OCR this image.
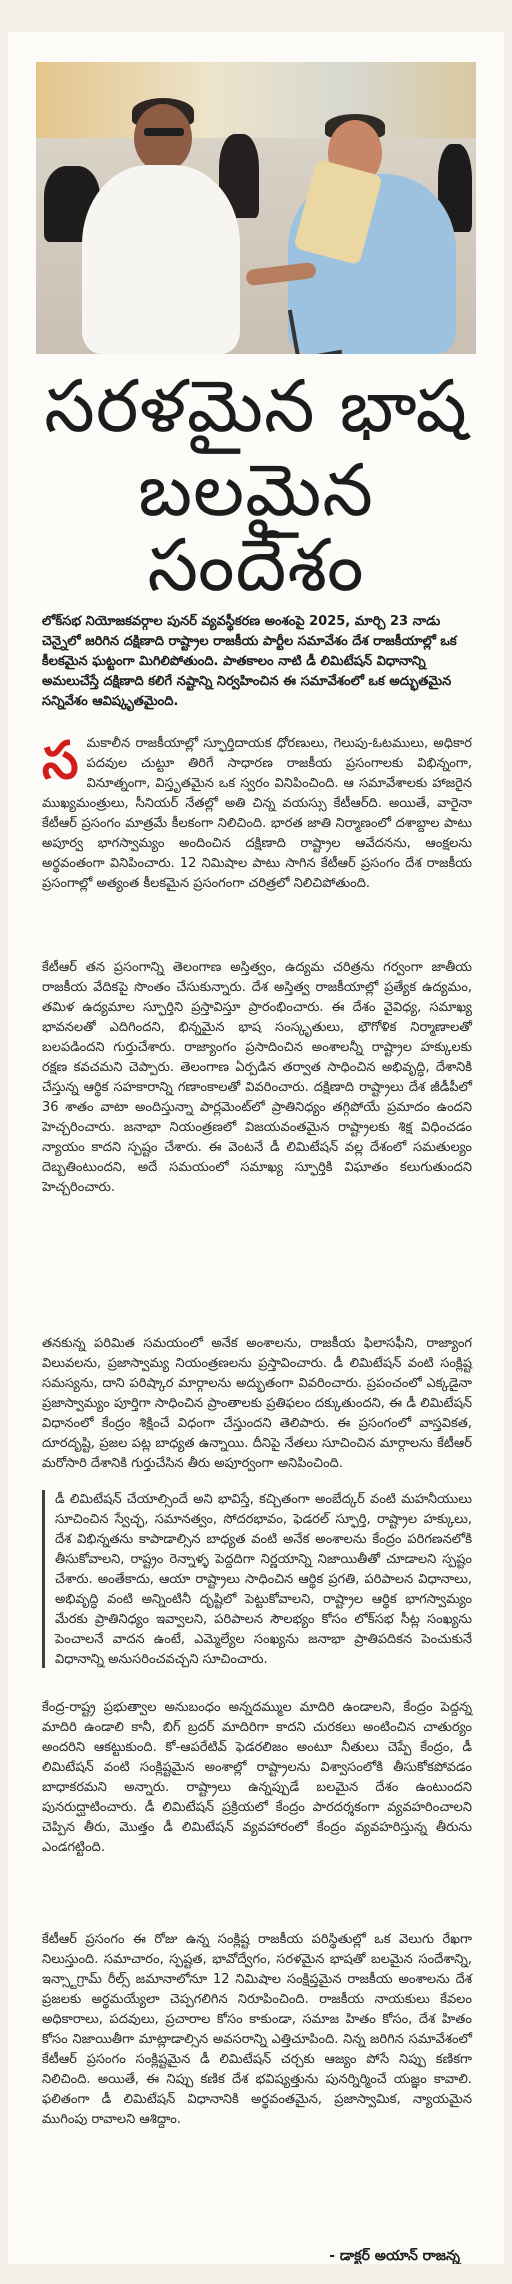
సరళమైన భాష
బలమైన సందేశం
లోక్‌సభ నియోజకవర్గాల పునర్ వ్యవస్థీకరణ అంశంపై 2025, మార్చి 23 నాడు చెన్నైలో జరిగిన దక్షిణాది రాష్ట్రాల రాజకీయ పార్టీల సమావేశం దేశ రాజకీయాల్లో ఒక కీలకమైన ఘట్టంగా మిగిలిపోతుంది. పాతకాలం నాటి డీ లిమిటేషన్ విధానాన్ని అమలుచేస్తే దక్షిణాది కలిగే నష్టాన్ని నిర్వహించిన ఈ సమావేశంలో ఒక అద్భుతమైన సన్నివేశం ఆవిష్కృతమైంది.
స మకాలీన రాజకీయాల్లో స్ఫూర్తిదాయక ధోరణులు, గెలుపు-ఓటములు, అధికార పదవుల చుట్టూ తిరిగే సాధారణ రాజకీయ ప్రసంగాలకు విభిన్నంగా, వినూత్నంగా, విస్తృతమైన ఒక స్వరం వినిపించింది. ఆ సమావేశాలకు హాజరైన ముఖ్యమంత్రులు, సీనియర్ నేతల్లో అతి చిన్న వయస్సు కేటీఆర్‌ది. అయితే, వారైనా కేటీఆర్ ప్రసంగం మాత్రమే కీలకంగా నిలిచింది. భారత జాతి నిర్మాణంలో దశాబ్దాల పాటు అపూర్వ భాగస్వామ్యం అందించిన దక్షిణాది రాష్ట్రాల ఆవేదనను, ఆంక్షలను అర్థవంతంగా వినిపించారు. 12 నిమిషాల పాటు సాగిన కేటీఆర్ ప్రసంగం దేశ రాజకీయ ప్రసంగాల్లో అత్యంత కీలకమైన ప్రసంగంగా చరిత్రలో నిలిచిపోతుంది.
కేటీఆర్ తన ప్రసంగాన్ని తెలంగాణ అస్తిత్వం, ఉద్యమ చరిత్రను గర్వంగా జాతీయ రాజకీయ వేదికపై సొంతం చేసుకున్నారు. దేశ అస్తిత్వ రాజకీయాల్లో ప్రత్యేక ఉద్యమం, తమిళ ఉద్యమాల స్ఫూర్తిని ప్రస్తావిస్తూ ప్రారంభించారు. ఈ దేశం వైవిధ్య, సమాఖ్య భావనలతో ఎదిగిందని, భిన్నమైన భాష సంస్కృతులు, భౌగోళిక నిర్మాణాలతో బలపడిందని గుర్తుచేశారు. రాజ్యాంగం ప్రసాదించిన అంశాలన్నీ రాష్ట్రాల హక్కులకు రక్షణ కవచమని చెప్పారు. తెలంగాణ ఏర్పడిన తర్వాత సాధించిన అభివృద్ధి, దేశానికి చేస్తున్న ఆర్థిక సహకారాన్ని గణాంకాలతో వివరించారు. దక్షిణాది రాష్ట్రాలు దేశ జీడీపీలో 36 శాతం వాటా అందిస్తున్నా పార్లమెంట్‌లో ప్రాతినిధ్యం తగ్గిపోయే ప్రమాదం ఉందని హెచ్చరించారు. జనాభా నియంత్రణలో విజయవంతమైన రాష్ట్రాలకు శిక్ష విధించడం న్యాయం కాదని స్పష్టం చేశారు. ఈ వెంటనే డీ లిమిటేషన్ వల్ల దేశంలో సమతుల్యం దెబ్బతింటుందని, అదే సమయంలో సమాఖ్య స్ఫూర్తికి విఘాతం కలుగుతుందని హెచ్చరించారు.
తనకున్న పరిమిత సమయంలో అనేక అంశాలను, రాజకీయ ఫిలాసఫీని, రాజ్యాంగ విలువలను, ప్రజాస్వామ్య నియంత్రణలను ప్రస్తావించారు. డీ లిమిటేషన్ వంటి సంక్లిష్ట సమస్యను, దాని పరిష్కార మార్గాలను అద్భుతంగా వివరించారు. ప్రపంచంలో ఎక్కడైనా ప్రజాస్వామ్యం పూర్తిగా సాధించిన ప్రాంతాలకు ప్రతిఫలం దక్కుతుందని, ఈ డీ లిమిటేషన్ విధానంలో కేంద్రం శిక్షించే విధంగా చేస్తుందని తెలిపారు. ఈ ప్రసంగంలో వాస్తవికత, దూరదృష్టి, ప్రజల పట్ల బాధ్యత ఉన్నాయి. దీనిపై నేతలు సూచించిన మార్గాలను కేటీఆర్ మరోసారి దేశానికి గుర్తుచేసిన తీరు అపూర్వంగా అనిపించింది.
డీ లిమిటేషన్ చేయాల్సిందే అని భావిస్తే, కచ్చితంగా అంబేద్కర్ వంటి మహనీయులు సూచించిన స్వేచ్ఛ, సమానత్వం, సోదరభావం, ఫెడరల్ స్ఫూర్తి, రాష్ట్రాల హక్కులు, దేశ విభిన్నతను కాపాడాల్సిన బాధ్యత వంటి అనేక అంశాలను కేంద్రం పరిగణనలోకి తీసుకోవాలని, రాష్ట్రం రెన్నాళ్ళ పెద్దదిగా నిర్ణయాన్ని నిజాయితీతో చూడాలని స్పష్టం చేశారు. అంతేకాదు, ఆయా రాష్ట్రాలు సాధించిన ఆర్థిక ప్రగతి, పరిపాలన విధానాలు, అభివృద్ధి వంటి అన్నింటినీ దృష్టిలో పెట్టుకోవాలని, రాష్ట్రాల ఆర్థిక భాగస్వామ్యం మేరకు ప్రాతినిధ్యం ఇవ్వాలని, పరిపాలన సౌలభ్యం కోసం లోక్‌సభ సీట్ల సంఖ్యను పెంచాలనే వాదన ఉంటే, ఎమ్మెల్యేల సంఖ్యను జనాభా ప్రాతిపదికన పెంచుకునే విధానాన్ని అనుసరించవచ్చని సూచించారు.
కేంద్ర-రాష్ట్ర ప్రభుత్వాల అనుబంధం అన్నదమ్ముల మాదిరి ఉండాలని, కేంద్రం పెద్దన్న మాదిరి ఉండాలి కానీ, బిగ్ బ్రదర్ మాదిరిగా కాదని చురకలు అంటించిన చాతుర్యం అందరిని ఆకట్టుకుంది. కో-ఆపరేటివ్ ఫెడరలిజం అంటూ నీతులు చెప్పే కేంద్రం, డీ లిమిటేషన్ వంటి సంక్లిష్టమైన అంశాల్లో రాష్ట్రాలను విశ్వాసంలోకి తీసుకోకపోవడం బాధాకరమని అన్నారు. రాష్ట్రాలు ఉన్నప్పుడే బలమైన దేశం ఉంటుందని పునరుద్ఘాటించారు. డీ లిమిటేషన్ ప్రక్రియలో కేంద్రం పారదర్శకంగా వ్యవహరించాలని చెప్పిన తీరు, మొత్తం డీ లిమిటేషన్ వ్యవహారంలో కేంద్రం వ్యవహరిస్తున్న తీరును ఎండగట్టింది.
కేటీఆర్ ప్రసంగం ఈ రోజు ఉన్న సంక్లిష్ట రాజకీయ పరిస్థితుల్లో ఒక వెలుగు రేఖగా నిలుస్తుంది. సమాచారం, స్పష్టత, భావోద్వేగం, సరళమైన భాషతో బలమైన సందేశాన్ని, ఇన్స్టాగ్రామ్ రీల్స్ జమానాలోనూ 12 నిమిషాల సంక్షిప్తమైన రాజకీయ అంశాలను దేశ ప్రజలకు అర్థమయ్యేలా చెప్పగలిగిన నిరూపించింది. రాజకీయ నాయకులు కేవలం అధికారాలు, పదవులు, ప్రచారాల కోసం కాకుండా, సమాజ హితం కోసం, దేశ హితం కోసం నిజాయితీగా మాట్లాడాల్సిన అవసరాన్ని ఎత్తిచూపింది. నిన్న జరిగిన సమావేశంలో కేటీఆర్ ప్రసంగం సంక్లిష్టమైన డీ లిమిటేషన్ చర్చకు ఆజ్యం పోసే నిప్పు కణికగా నిలిచింది. అయితే, ఈ నిప్పు కణిక దేశ భవిష్యత్తును పునర్నిర్మించే యజ్ఞం కావాలి. ఫలితంగా డీ లిమిటేషన్ విధానానికి అర్థవంతమైన, ప్రజాస్వామిక, న్యాయమైన ముగింపు రావాలని ఆశిద్దాం.
- డాక్టర్ అయాన్ రాజన్న
